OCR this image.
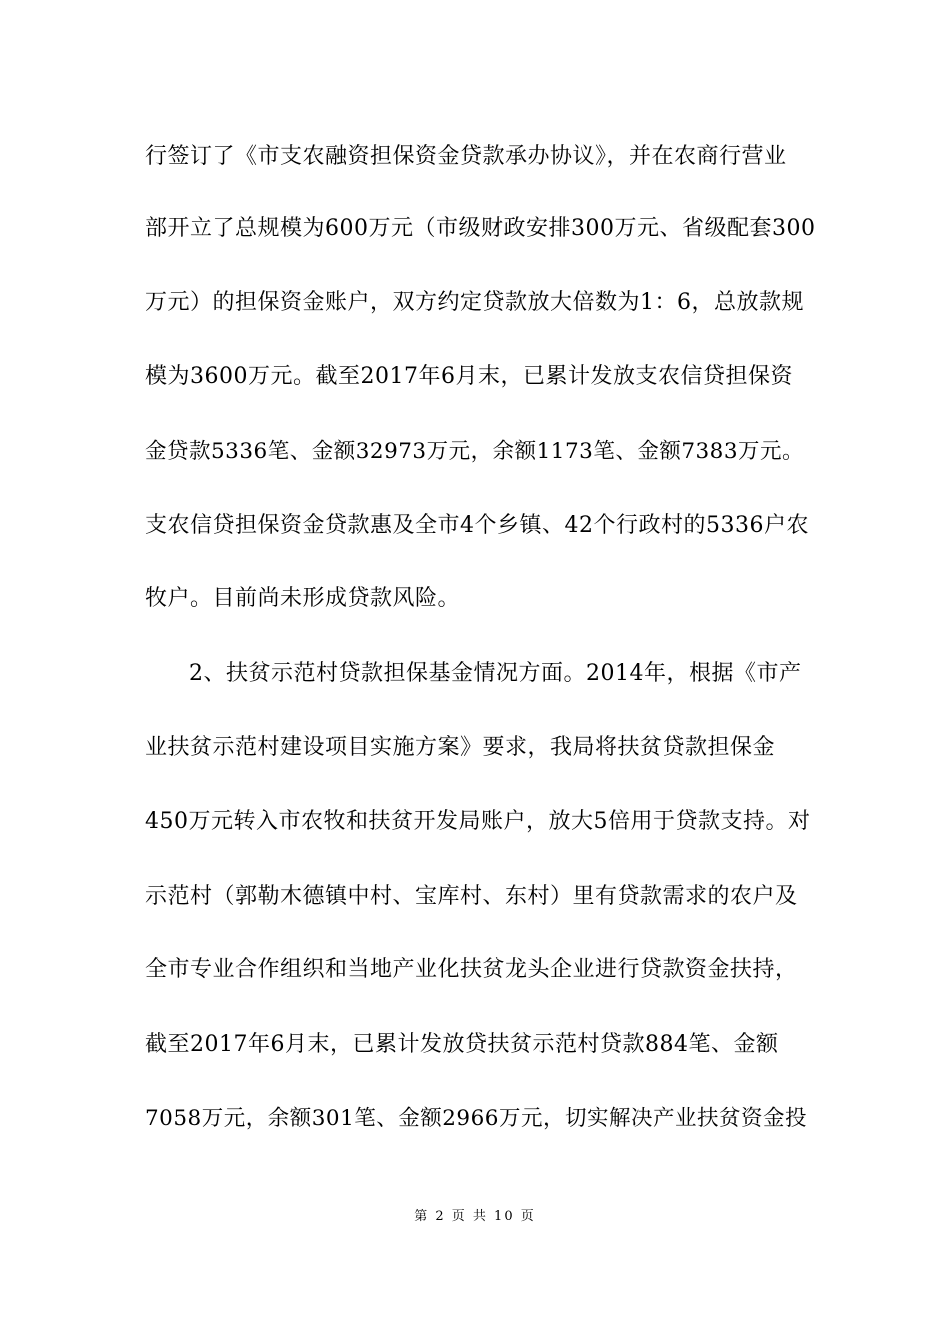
行签订了《市支农融资担保资金贷款承办协议》，并在农商行营业
部开立了总规模为600万元（市级财政安排300万元、省级配套300
万元）的担保资金账户，双方约定贷款放大倍数为1：6，总放款规
模为3600万元。截至2017年6月末，已累计发放支农信贷担保资
金贷款5336笔、金额32973万元，余额1173笔、金额7383万元。
支农信贷担保资金贷款惠及全市4个乡镇、42个行政村的5336户农
牧户。目前尚未形成贷款风险。
2、扶贫示范村贷款担保基金情况方面。2014年，根据《市产
业扶贫示范村建设项目实施方案》要求，我局将扶贫贷款担保金
450万元转入市农牧和扶贫开发局账户，放大5倍用于贷款支持。对
示范村（郭勒木德镇中村、宝库村、东村）里有贷款需求的农户及
全市专业合作组织和当地产业化扶贫龙头企业进行贷款资金扶持，
截至2017年6月末，已累计发放贷扶贫示范村贷款884笔、金额
7058万元，余额301笔、金额2966万元，切实解决产业扶贫资金投
第 2 页 共 10 页
